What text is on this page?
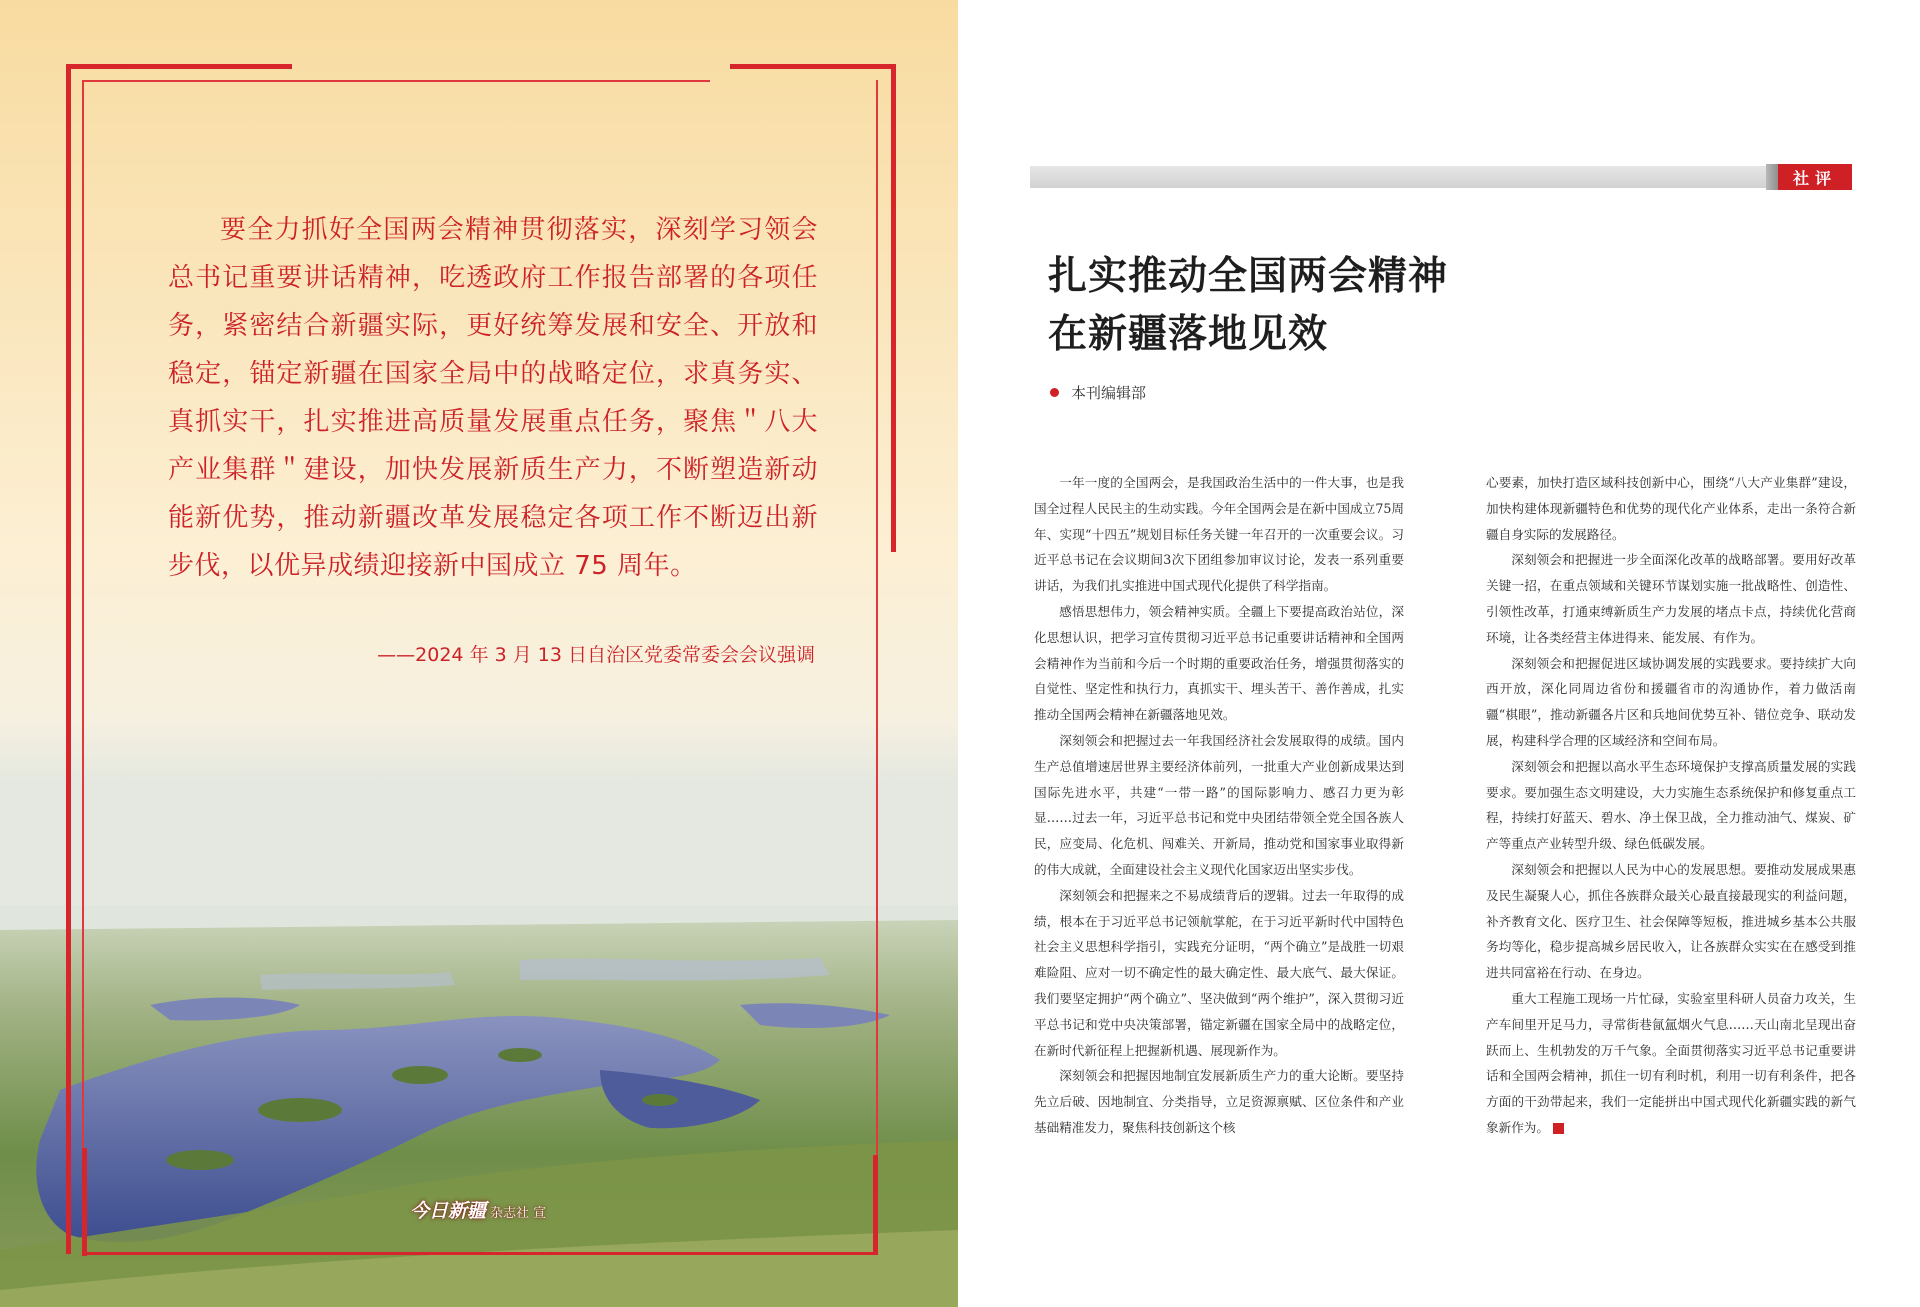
要全力抓好全国两会精神贯彻落实，深刻学习领会总书记重要讲话精神，吃透政府工作报告部署的各项任务，紧密结合新疆实际，更好统筹发展和安全、开放和稳定，锚定新疆在国家全局中的战略定位，求真务实、真抓实干，扎实推进高质量发展重点任务，聚焦＂八大产业集群＂建设，加快发展新质生产力，不断塑造新动能新优势，推动新疆改革发展稳定各项工作不断迈出新步伐，以优异成绩迎接新中国成立 75 周年。

——2024 年 3 月 13 日自治区党委常委会会议强调

今日新疆 杂志社 宣
社评
扎实推动全国两会精神
在新疆落地见效
本刊编辑部

一年一度的全国两会，是我国政治生活中的一件大事，也是我国全过程人民民主的生动实践。今年全国两会是在新中国成立75周年、实现“十四五”规划目标任务关键一年召开的一次重要会议。习近平总书记在会议期间3次下团组参加审议讨论，发表一系列重要讲话，为我们扎实推进中国式现代化提供了科学指南。

感悟思想伟力，领会精神实质。全疆上下要提高政治站位，深化思想认识，把学习宣传贯彻习近平总书记重要讲话精神和全国两会精神作为当前和今后一个时期的重要政治任务，增强贯彻落实的自觉性、坚定性和执行力，真抓实干、埋头苦干、善作善成，扎实推动全国两会精神在新疆落地见效。

深刻领会和把握过去一年我国经济社会发展取得的成绩。国内生产总值增速居世界主要经济体前列，一批重大产业创新成果达到国际先进水平，共建“一带一路”的国际影响力、感召力更为彰显……过去一年，习近平总书记和党中央团结带领全党全国各族人民，应变局、化危机、闯难关、开新局，推动党和国家事业取得新的伟大成就，全面建设社会主义现代化国家迈出坚实步伐。

深刻领会和把握来之不易成绩背后的逻辑。过去一年取得的成绩，根本在于习近平总书记领航掌舵，在于习近平新时代中国特色社会主义思想科学指引，实践充分证明，“两个确立”是战胜一切艰难险阻、应对一切不确定性的最大确定性、最大底气、最大保证。我们要坚定拥护“两个确立”、坚决做到“两个维护”，深入贯彻习近平总书记和党中央决策部署，锚定新疆在国家全局中的战略定位，在新时代新征程上把握新机遇、展现新作为。

深刻领会和把握因地制宜发展新质生产力的重大论断。要坚持先立后破、因地制宜、分类指导，立足资源禀赋、区位条件和产业基础精准发力，聚焦科技创新这个核

心要素，加快打造区域科技创新中心，围绕“八大产业集群”建设，加快构建体现新疆特色和优势的现代化产业体系，走出一条符合新疆自身实际的发展路径。

深刻领会和把握进一步全面深化改革的战略部署。要用好改革关键一招，在重点领域和关键环节谋划实施一批战略性、创造性、引领性改革，打通束缚新质生产力发展的堵点卡点，持续优化营商环境，让各类经营主体进得来、能发展、有作为。

深刻领会和把握促进区域协调发展的实践要求。要持续扩大向西开放，深化同周边省份和援疆省市的沟通协作，着力做活南疆“棋眼”，推动新疆各片区和兵地间优势互补、错位竞争、联动发展，构建科学合理的区域经济和空间布局。

深刻领会和把握以高水平生态环境保护支撑高质量发展的实践要求。要加强生态文明建设，大力实施生态系统保护和修复重点工程，持续打好蓝天、碧水、净土保卫战，全力推动油气、煤炭、矿产等重点产业转型升级、绿色低碳发展。

深刻领会和把握以人民为中心的发展思想。要推动发展成果惠及民生凝聚人心，抓住各族群众最关心最直接最现实的利益问题，补齐教育文化、医疗卫生、社会保障等短板，推进城乡基本公共服务均等化，稳步提高城乡居民收入，让各族群众实实在在感受到推进共同富裕在行动、在身边。

重大工程施工现场一片忙碌，实验室里科研人员奋力攻关，生产车间里开足马力，寻常街巷氤氲烟火气息……天山南北呈现出奋跃而上、生机勃发的万千气象。全面贯彻落实习近平总书记重要讲话和全国两会精神，抓住一切有利时机，利用一切有利条件，把各方面的干劲带起来，我们一定能拼出中国式现代化新疆实践的新气象新作为。
